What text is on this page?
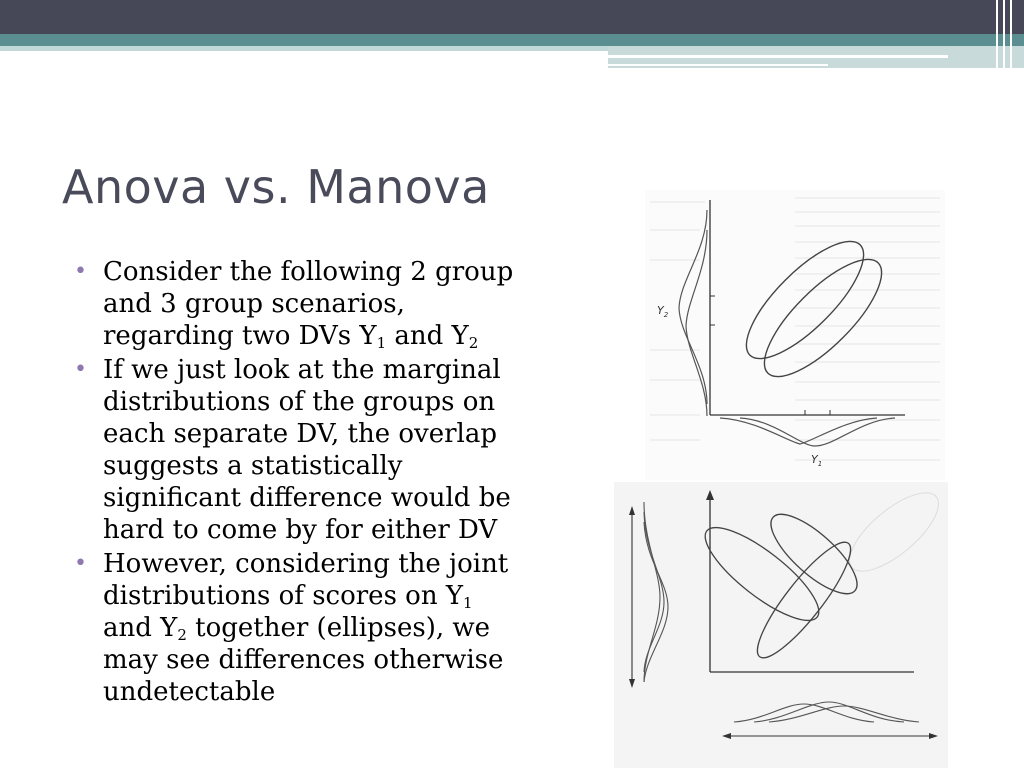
Anova vs. Manova
• Consider the following 2 group
and 3 group scenarios,
regarding two DVs $Y_1$ and $Y_2$
• If we just look at the marginal
distributions of the groups on
each separate DV, the overlap
suggests a statistically
significant difference would be
hard to come by for either DV
• However, considering the joint
distributions of scores on $Y_1$
and $Y_2$ together (ellipses), we
may see differences otherwise
undetectable
$Y_2$
$Y_1$
